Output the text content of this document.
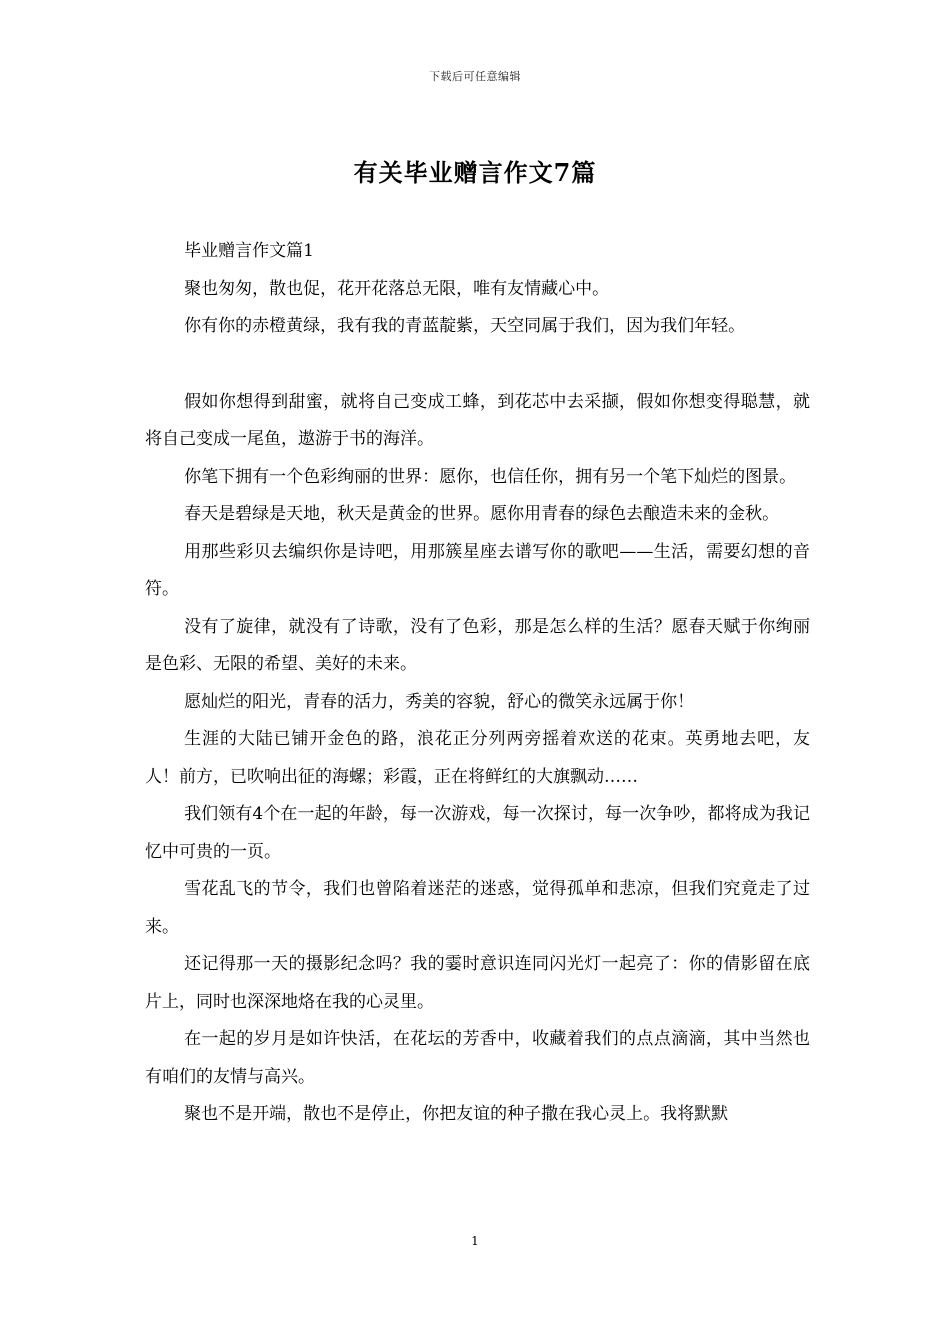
下载后可任意编辑
有关毕业赠言作文7篇

毕业赠言作文篇1

聚也匆匆，散也促，花开花落总无限，唯有友情藏心中。

你有你的赤橙黄绿，我有我的青蓝靛紫，天空同属于我们，因为我们年轻。

假如你想得到甜蜜，就将自己变成工蜂，到花芯中去采撷，假如你想变得聪慧，就将自己变成一尾鱼，遨游于书的海洋。

你笔下拥有一个色彩绚丽的世界：愿你，也信任你，拥有另一个笔下灿烂的图景。

春天是碧绿是天地，秋天是黄金的世界。愿你用青春的绿色去酿造未来的金秋。

用那些彩贝去编织你是诗吧，用那簇星座去谱写你的歌吧——生活，需要幻想的音符。

没有了旋律，就没有了诗歌，没有了色彩，那是怎么样的生活？愿春天赋于你绚丽是色彩、无限的希望、美好的未来。

愿灿烂的阳光，青春的活力，秀美的容貌，舒心的微笑永远属于你！

生涯的大陆已铺开金色的路，浪花正分列两旁摇着欢送的花束。英勇地去吧，友人！前方，已吹响出征的海螺；彩霞，正在将鲜红的大旗飘动……

我们领有4个在一起的年龄，每一次游戏，每一次探讨，每一次争吵，都将成为我记忆中可贵的一页。

雪花乱飞的节令，我们也曾陷着迷茫的迷惑，觉得孤单和悲凉，但我们究竟走了过来。

还记得那一天的摄影纪念吗？我的霎时意识连同闪光灯一起亮了：你的倩影留在底片上，同时也深深地烙在我的心灵里。

在一起的岁月是如许快活，在花坛的芳香中，收藏着我们的点点滴滴，其中当然也有咱们的友情与高兴。

聚也不是开端，散也不是停止，你把友谊的种子撒在我心灵上。我将默默

1
